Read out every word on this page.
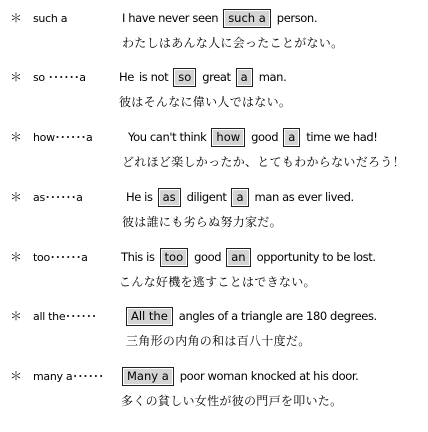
＊ such a	I have never seen such a person.
わたしはあんな人に会ったことがない。
＊ so ･･････a	He is not so great a man.
彼はそんなに偉い人ではない。
＊ how･･････a	You can't think how good a time we had!
どれほど楽しかったか、とてもわからないだろう！
＊ as･･････a	He is as diligent a man as ever lived.
彼は誰にも劣らぬ努力家だ。
＊ too･･････a	This is too good an opportunity to be lost.
こんな好機を逃すことはできない。
＊ all the･･････	All the angles of a triangle are 180 degrees.
三角形の内角の和は百八十度だ。
＊ many a･･････	Many a poor woman knocked at his door.
多くの貧しい女性が彼の門戸を叩いた。
